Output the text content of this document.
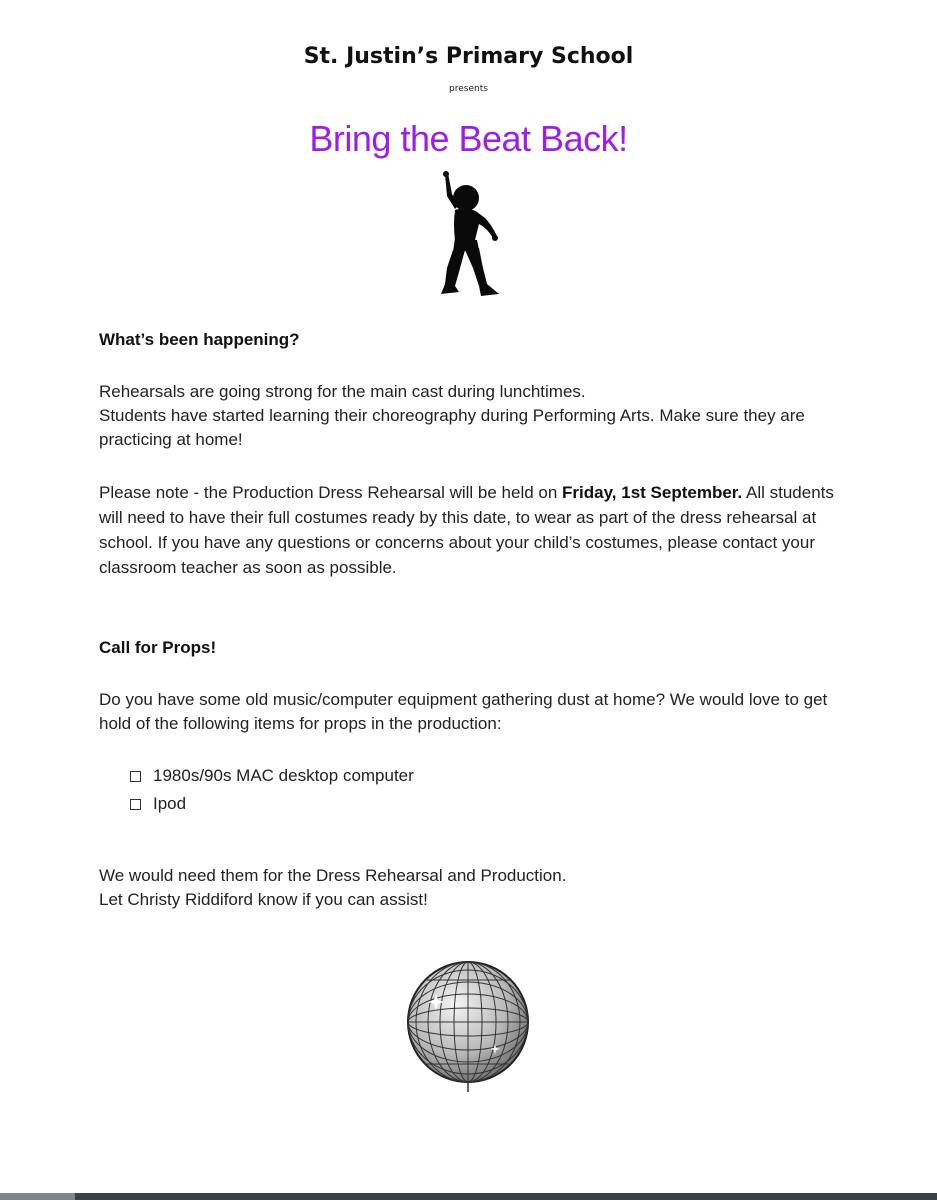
St. Justin’s Primary School
presents
Bring the Beat Back!
What’s been happening?

Rehearsals are going strong for the main cast during lunchtimes.

Students have started learning their choreography during Performing Arts. Make sure they are practicing at home!

Please note - the Production Dress Rehearsal will be held on Friday, 1st September. All students will need to have their full costumes ready by this date, to wear as part of the dress rehearsal at school. If you have any questions or concerns about your child’s costumes, please contact your classroom teacher as soon as possible.

Call for Props!
Do you have some old music/computer equipment gathering dust at home? We would love to get hold of the following items for props in the production:
1980s/90s MAC desktop computer
Ipod

We would need them for the Dress Rehearsal and Production.

Let Christy Riddiford know if you can assist!
